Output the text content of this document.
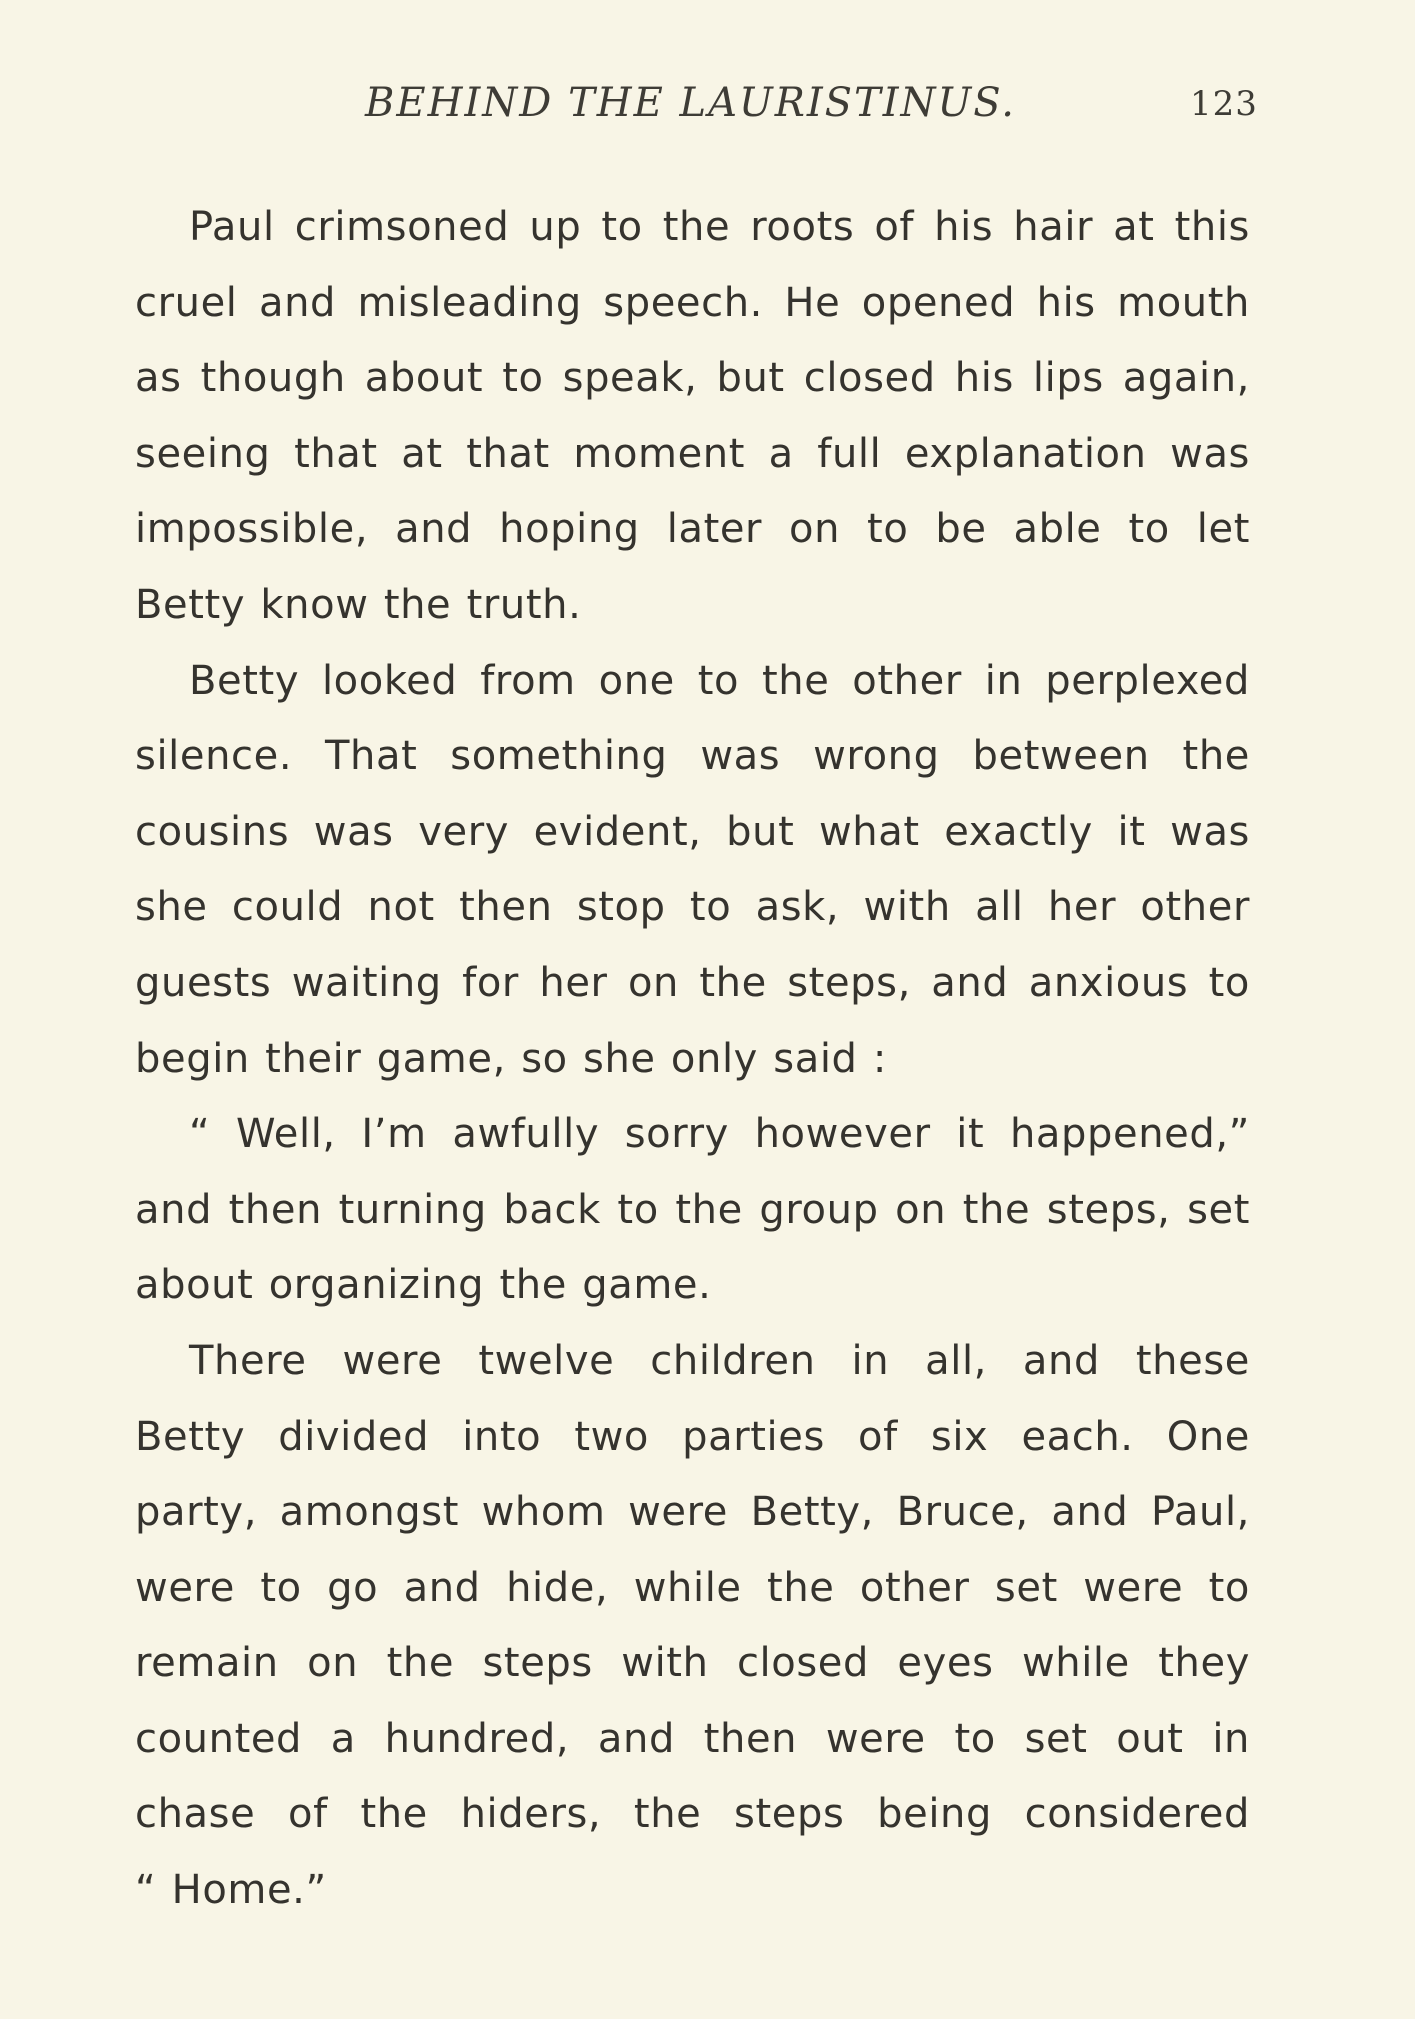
BEHIND THE LAURISTINUS.	123

Paul crimsoned up to the roots of his hair at this
cruel and misleading speech. He opened his mouth
as though about to speak, but closed his lips again,
seeing that at that moment a full explanation was
impossible, and hoping later on to be able to let
Betty know the truth.

Betty looked from one to the other in perplexed
silence. That something was wrong between the
cousins was very evident, but what exactly it was
she could not then stop to ask, with all her other
guests waiting for her on the steps, and anxious to
begin their game, so she only said :

“ Well, I’m awfully sorry however it happened,”
and then turning back to the group on the steps, set
about organizing the game.

There were twelve children in all, and these
Betty divided into two parties of six each. One
party, amongst whom were Betty, Bruce, and Paul,
were to go and hide, while the other set were to
remain on the steps with closed eyes while they
counted a hundred, and then were to set out in
chase of the hiders, the steps being considered
“ Home.”
